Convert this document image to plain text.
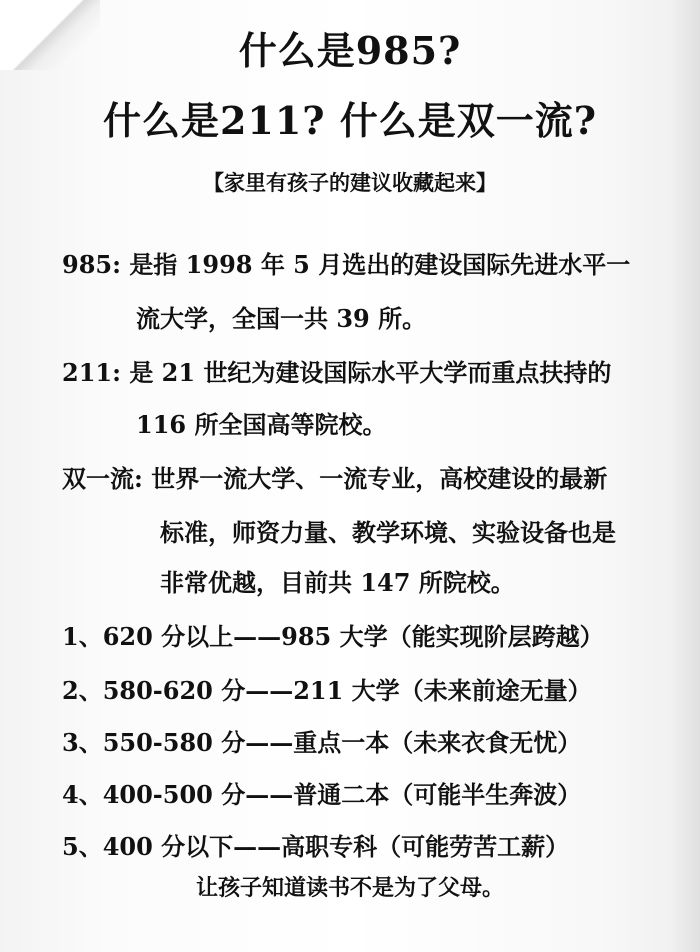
什么是985?
什么是211? 什么是双一流?
【家里有孩子的建议收藏起来】
985: 是指 1998 年 5 月选出的建设国际先进水平一
流大学，全国一共 39 所。
211: 是 21 世纪为建设国际水平大学而重点扶持的
116 所全国高等院校。
双一流: 世界一流大学、一流专业，高校建设的最新
标准，师资力量、教学环境、实验设备也是
非常优越，目前共 147 所院校。
1、620 分以上——985 大学（能实现阶层跨越）
2、580-620 分——211 大学（未来前途无量）
3、550-580 分——重点一本（未来衣食无忧）
4、400-500 分——普通二本（可能半生奔波）
5、400 分以下——高职专科（可能劳苦工薪）
让孩子知道读书不是为了父母。
